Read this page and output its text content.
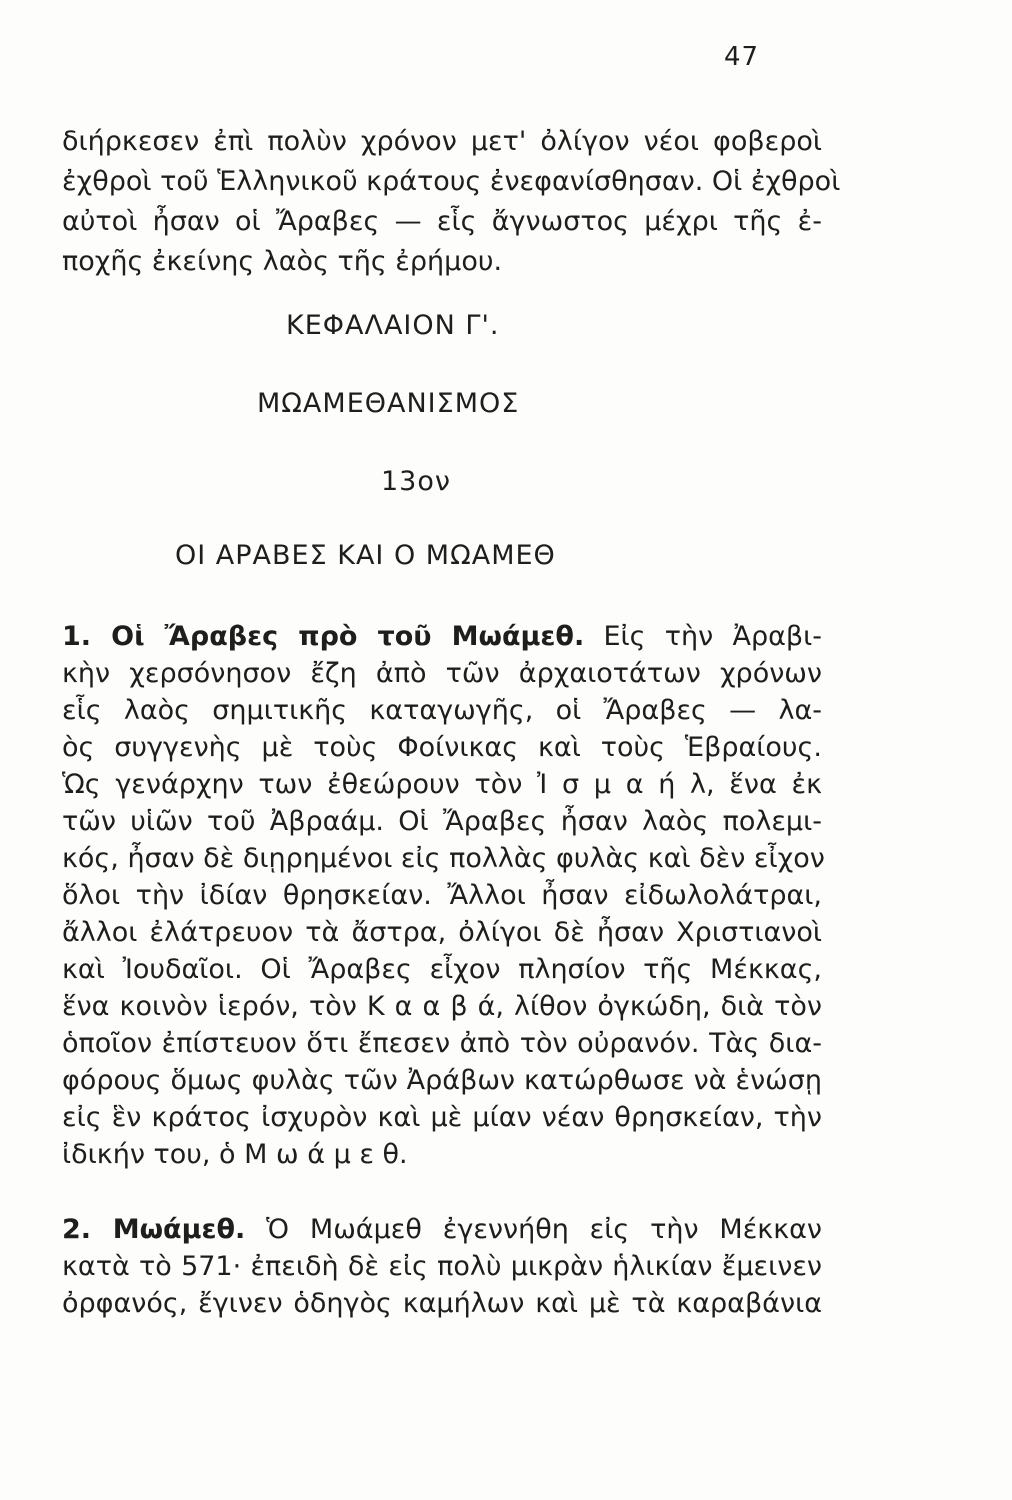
47
διήρκεσεν ἐπὶ πολὺν χρόνον μετ' ὀλίγον νέοι φοβεροὶ
ἐχθροὶ τοῦ Ἑλληνικοῦ κράτους ἐνεφανίσθησαν. Οἱ ἐχθροὶ
αὐτοὶ ἦσαν οἱ Ἄραβες — εἷς ἄγνωστος μέχρι τῆς ἐ-
ποχῆς ἐκείνης λαὸς τῆς ἐρήμου.
ΚΕΦΑΛΑΙΟΝ Γ'.
ΜΩΑΜΕΘΑΝΙΣΜΟΣ
13ον
ΟΙ ΑΡΑΒΕΣ ΚΑΙ Ο ΜΩΑΜΕΘ
1. Οἱ Ἄραβες πρὸ τοῦ Μωάμεθ. Εἰς τὴν Ἀραβι-
κὴν χερσόνησον ἔζη ἀπὸ τῶν ἀρχαιοτάτων χρόνων
εἷς λαὸς σημιτικῆς καταγωγῆς, οἱ Ἄραβες — λα-
ὸς συγγενὴς μὲ τοὺς Φοίνικας καὶ τοὺς Ἑβραίους.
Ὡς γενάρχην των ἐθεώρουν τὸν Ἰ σ μ α ή λ, ἕνα ἐκ
τῶν υἱῶν τοῦ Ἀβραάμ. Οἱ Ἄραβες ἦσαν λαὸς πολεμι-
κός, ἦσαν δὲ διῃρημένοι εἰς πολλὰς φυλὰς καὶ δὲν εἶχον
ὅλοι τὴν ἰδίαν θρησκείαν. Ἄλλοι ἦσαν εἰδωλολάτραι,
ἄλλοι ἐλάτρευον τὰ ἄστρα, ὀλίγοι δὲ ἦσαν Χριστιανοὶ
καὶ Ἰουδαῖοι. Οἱ Ἄραβες εἶχον πλησίον τῆς Μέκκας,
ἕνα κοινὸν ἱερόν, τὸν Κ α α β ά, λίθον ὀγκώδη, διὰ τὸν
ὁποῖον ἐπίστευον ὅτι ἔπεσεν ἀπὸ τὸν οὐρανόν. Τὰς δια-
φόρους ὅμως φυλὰς τῶν Ἀράβων κατώρθωσε νὰ ἑνώσῃ
εἰς ἓν κράτος ἰσχυρὸν καὶ μὲ μίαν νέαν θρησκείαν, τὴν
ἰδικήν του, ὁ Μ ω ά μ ε θ.
2. Μωάμεθ. Ὁ Μωάμεθ ἐγεννήθη εἰς τὴν Μέκκαν
κατὰ τὸ 571· ἐπειδὴ δὲ εἰς πολὺ μικρὰν ἡλικίαν ἔμεινεν
ὀρφανός, ἔγινεν ὁδηγὸς καμήλων καὶ μὲ τὰ καραβάνια
